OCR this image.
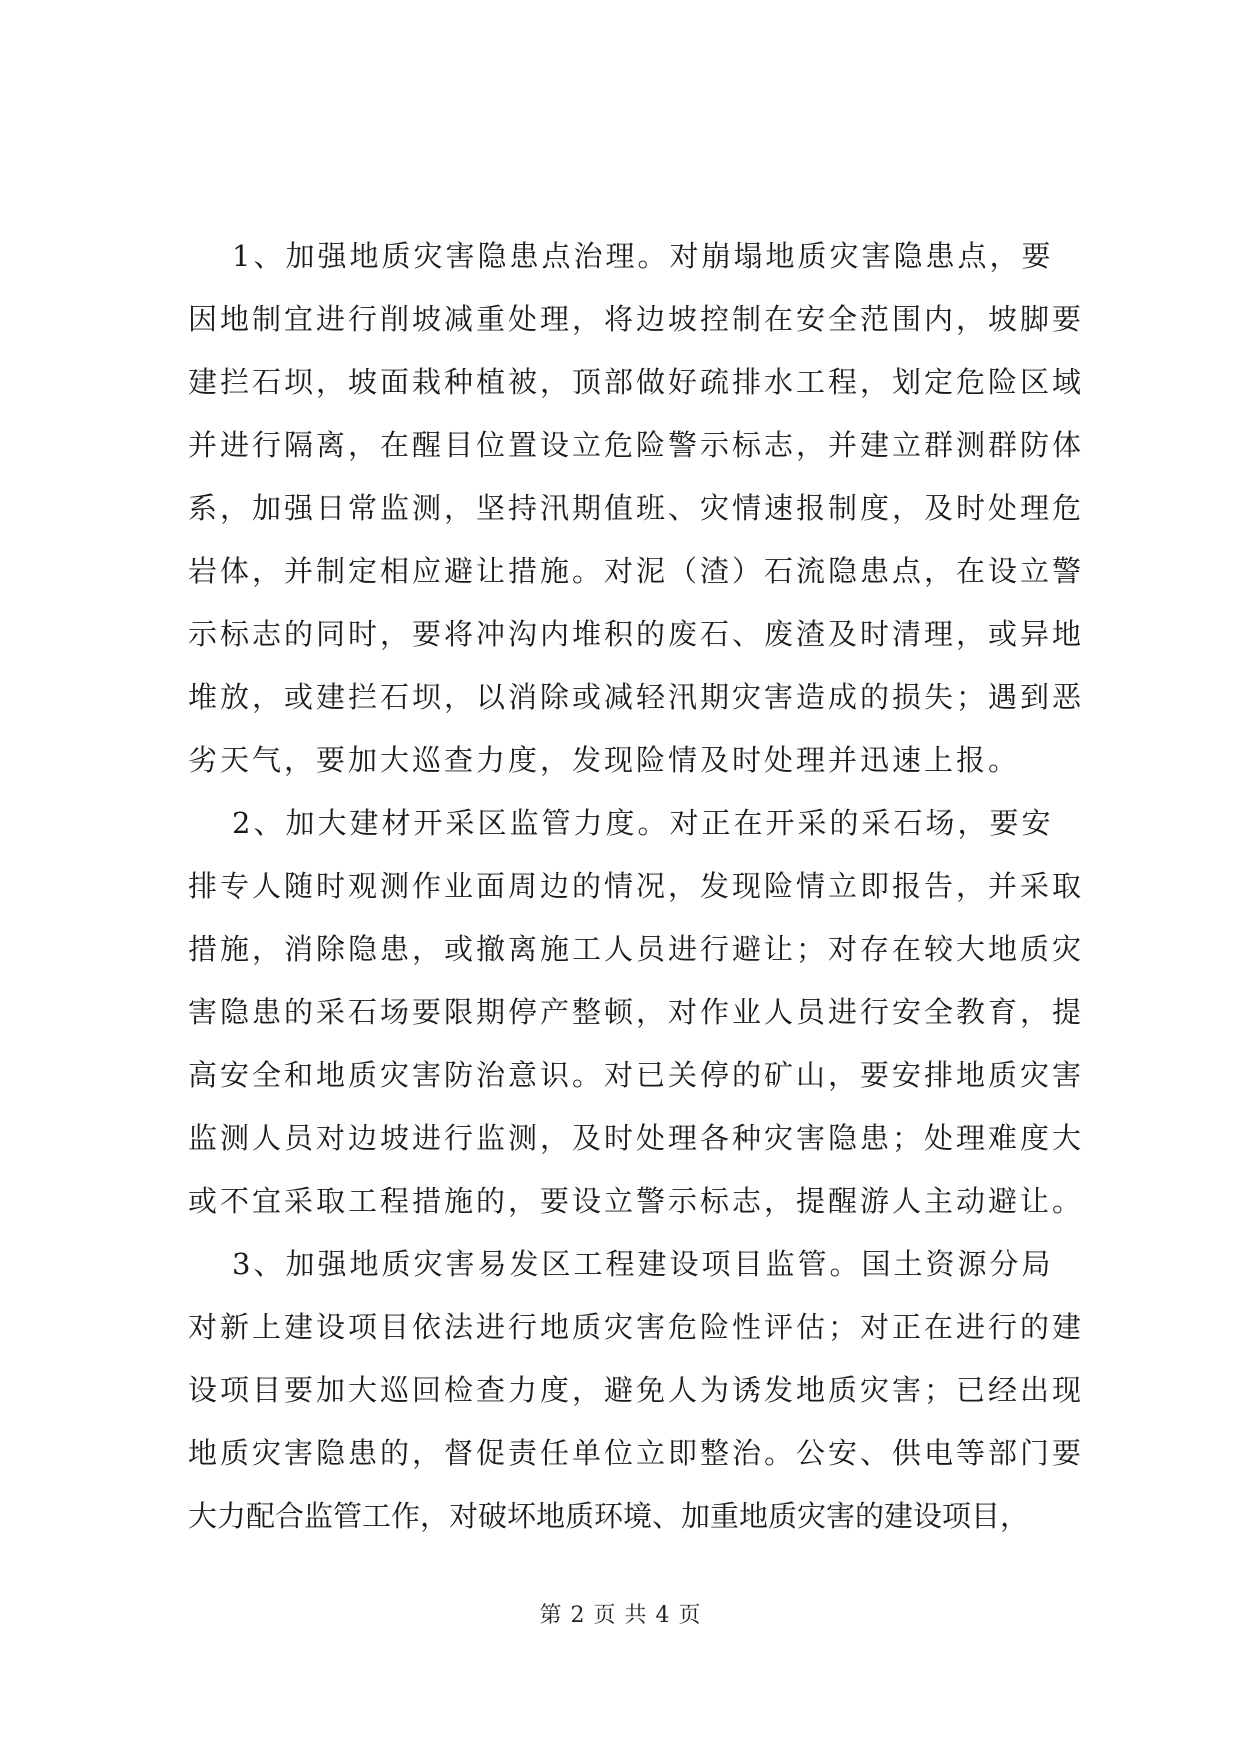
1、加强地质灾害隐患点治理。对崩塌地质灾害隐患点，要
因地制宜进行削坡减重处理，将边坡控制在安全范围内，坡脚要
建拦石坝，坡面栽种植被，顶部做好疏排水工程，划定危险区域
并进行隔离，在醒目位置设立危险警示标志，并建立群测群防体
系，加强日常监测，坚持汛期值班、灾情速报制度，及时处理危
岩体，并制定相应避让措施。对泥（渣）石流隐患点，在设立警
示标志的同时，要将冲沟内堆积的废石、废渣及时清理，或异地
堆放，或建拦石坝，以消除或减轻汛期灾害造成的损失；遇到恶
劣天气，要加大巡查力度，发现险情及时处理并迅速上报。
2、加大建材开采区监管力度。对正在开采的采石场，要安
排专人随时观测作业面周边的情况，发现险情立即报告，并采取
措施，消除隐患，或撤离施工人员进行避让；对存在较大地质灾
害隐患的采石场要限期停产整顿，对作业人员进行安全教育，提
高安全和地质灾害防治意识。对已关停的矿山，要安排地质灾害
监测人员对边坡进行监测，及时处理各种灾害隐患；处理难度大
或不宜采取工程措施的，要设立警示标志，提醒游人主动避让。
3、加强地质灾害易发区工程建设项目监管。国土资源分局
对新上建设项目依法进行地质灾害危险性评估；对正在进行的建
设项目要加大巡回检查力度，避免人为诱发地质灾害；已经出现
地质灾害隐患的，督促责任单位立即整治。公安、供电等部门要
大力配合监管工作，对破坏地质环境、加重地质灾害的建设项目，
第 2 页 共 4 页
